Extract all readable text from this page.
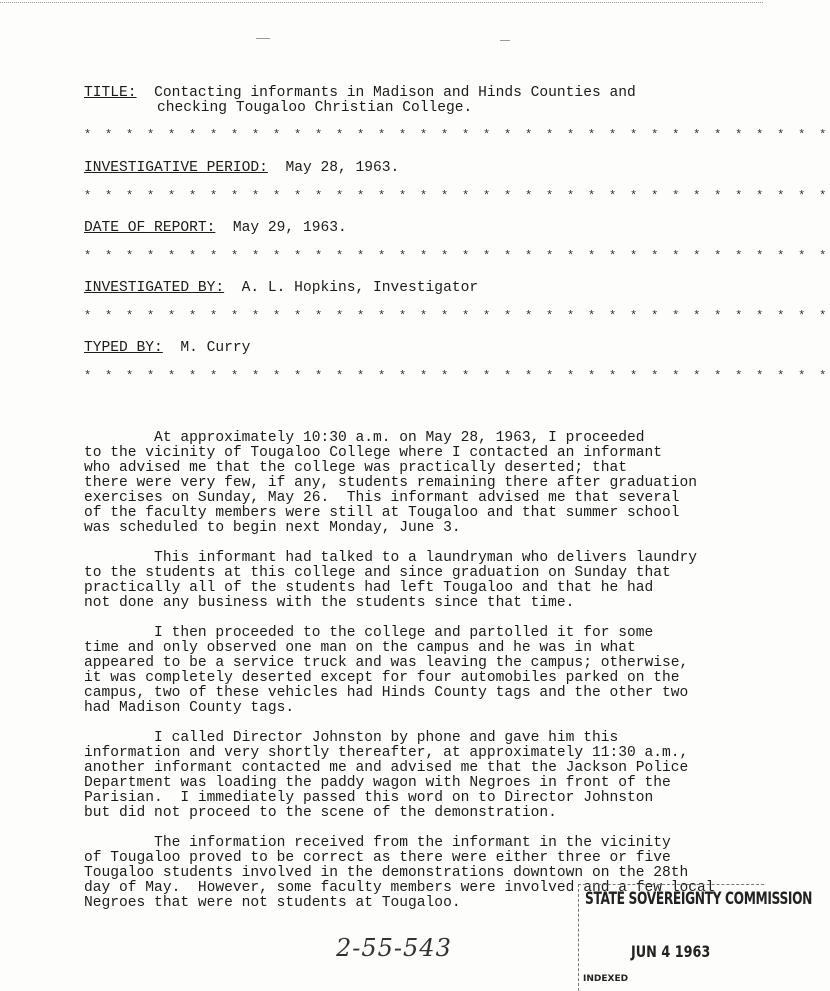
TITLE: Contacting informants in Madison and Hinds Counties and
checking Tougaloo Christian College.
* * * * * * * * * * * * * * * * * * * * * * * * * * * * * * * * * * * *
INVESTIGATIVE PERIOD: May 28, 1963.
* * * * * * * * * * * * * * * * * * * * * * * * * * * * * * * * * * * *
DATE OF REPORT: May 29, 1963.
* * * * * * * * * * * * * * * * * * * * * * * * * * * * * * * * * * * *
INVESTIGATED BY: A. L. Hopkins, Investigator
* * * * * * * * * * * * * * * * * * * * * * * * * * * * * * * * * * * *
TYPED BY: M. Curry
* * * * * * * * * * * * * * * * * * * * * * * * * * * * * * * * * * * *
At approximately 10:30 a.m. on May 28, 1963, I proceeded
to the vicinity of Tougaloo College where I contacted an informant
who advised me that the college was practically deserted; that
there were very few, if any, students remaining there after graduation
exercises on Sunday, May 26.  This informant advised me that several
of the faculty members were still at Tougaloo and that summer school
was scheduled to begin next Monday, June 3.
This informant had talked to a laundryman who delivers laundry
to the students at this college and since graduation on Sunday that
practically all of the students had left Tougaloo and that he had
not done any business with the students since that time.
I then proceeded to the college and partolled it for some
time and only observed one man on the campus and he was in what
appeared to be a service truck and was leaving the campus; otherwise,
it was completely deserted except for four automobiles parked on the
campus, two of these vehicles had Hinds County tags and the other two
had Madison County tags.
I called Director Johnston by phone and gave him this
information and very shortly thereafter, at approximately 11:30 a.m.,
another informant contacted me and advised me that the Jackson Police
Department was loading the paddy wagon with Negroes in front of the
Parisian.  I immediately passed this word on to Director Johnston
but did not proceed to the scene of the demonstration.
The information received from the informant in the vicinity
of Tougaloo proved to be correct as there were either three or five
Tougaloo students involved in the demonstrations downtown on the 28th
day of May.  However, some faculty members were involved and a few local
Negroes that were not students at Tougaloo.
2-55-543
STATE SOVEREIGNTY COMMISSION
JUN 4 1963
INDEXED
